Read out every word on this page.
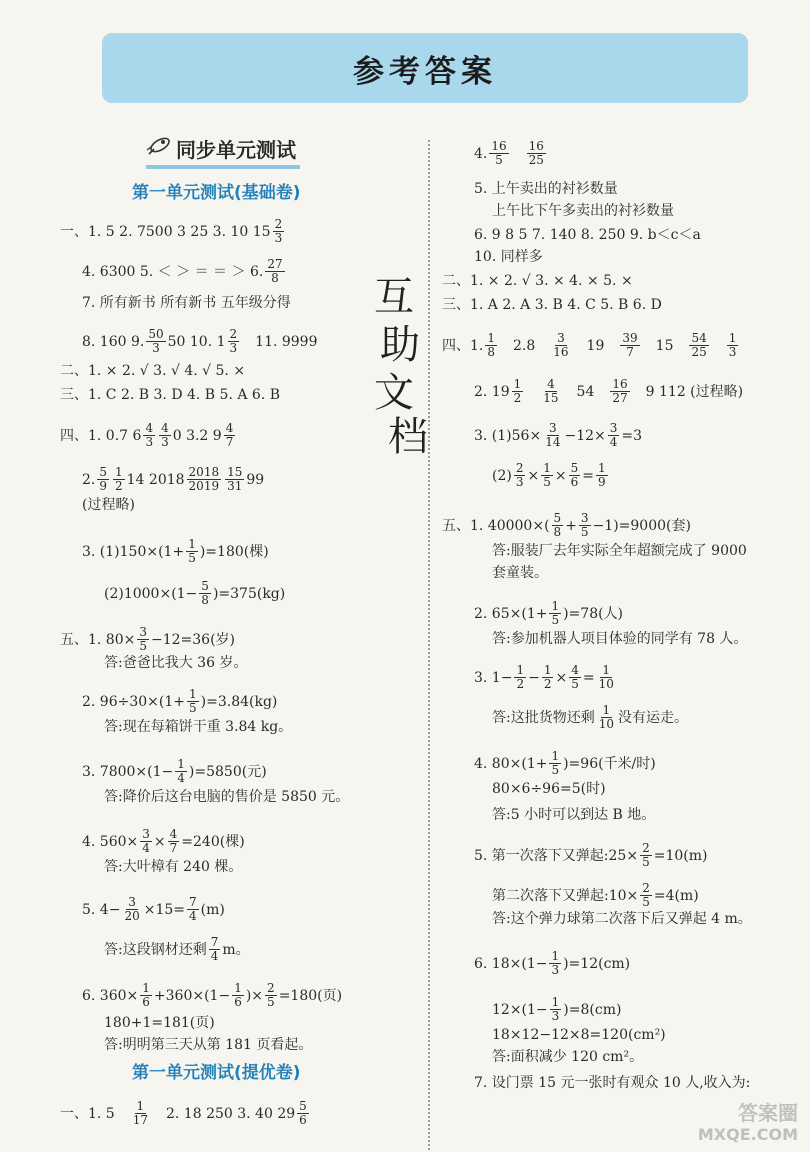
参考答案
同步单元测试
第一单元测试(基础卷)
一、1. 5 2. 7500 3 25 3. 10 $15 \frac{2}{3}$
4. 6300 5. ＜ ＞ ＝ ＝ ＞ 6. $\frac{27}{8}$
7. 所有新书 所有新书 五年级分得
8. 160 9. $\frac{50}{3} 50$ 10. $1 \frac{2}{3} 11$. 9999
二、1. × 2. √ 3. √ 4. √ 5. ×
三、1. C 2. B 3. D 4. B 5. A 6. B
四、1. 0.7 $6 \frac{4}{3} \frac{4}{3} 0$ 3.2 $9 \frac{4}{7}$
2. $\frac{5}{9} \frac{1}{2} 14$ $2018 \frac{2018}{2019} \frac{15}{31} 99$
(过程略)
3. $(1)150\times(1+ \frac{1}{5} )=180$(棵)
$(2)1000\times(1- \frac{5}{8} )=375(kg)$
五、1. $80\times \frac{3}{5} -12=36$(岁)
答:爸爸比我大 36 岁。
2. $96\div 30\times(1+ \frac{1}{5} )=3.84(kg)$
答:现在每箱饼干重 3.84 kg。
3. $7800\times(1- \frac{1}{4} )=5850$(元)
答:降价后这台电脑的售价是 5850 元。
4. $560\times \frac{3}{4} \times \frac{4}{7} =240$(棵)
答:大叶樟有 240 棵。
5. $4- \frac{3}{20} \times 15= \frac{7}{4} (m)$
答:这段钢材还剩 $\frac{7}{4}$ m。
6. $360\times \frac{1}{6} +360\times(1- \frac{1}{6}$ )× $\frac{2}{5} =180$(页)
180+1=181(页)
答:明明第三天从第 181 页看起。
第一单元测试(提优卷)
一、1. $5 \frac{1}{17} 2$. 18 250 3. 40 $29 \frac{5}{6}$
互助文档
4. $\frac{16}{5} \frac{16}{25}$
5. 上午卖出的衬衫数量
上午比下午多卖出的衬衫数量
6. 9 8 5 7. 140 8. 250 9. b＜c＜a
10. 同样多
二、1. × 2. √ 3. × 4. × 5. ×
三、1. A 2. A 3. B 4. C 5. B 6. D
四、1. $\frac{1}{8} 2.8 \frac{3}{16} 19 \frac{39}{7} 15 \frac{54}{25} \frac{1}{3}$
2. $19 \frac{1}{2} \frac{4}{15} 54 \frac{16}{27} 9$ 112 (过程略)
3. $(1)56\times \frac{3}{14} -12\times \frac{3}{4} =3$
$(2) \frac{2}{3} \times \frac{1}{5} \times \frac{5}{6} = \frac{1}{9}$
五、1. $40000\times( \frac{5}{8} + \frac{3}{5} -1)=9000$(套)
答:服装厂去年实际全年超额完成了 9000
套童装。
2. $65\times(1+ \frac{1}{5} )=78$(人)
答:参加机器人项目体验的同学有 78 人。
3. $1- \frac{1}{2} - \frac{1}{2} \times \frac{4}{5} = \frac{1}{10}$
答:这批货物还剩 $\frac{1}{10}$ 没有运走。
4. $80\times(1+ \frac{1}{5} )=96$(千米/时)
80×6÷96=5(时)
答:5 小时可以到达 B 地。
5. 第一次落下又弹起:25× $\frac{2}{5} =10(m)$
第二次落下又弹起:10× $\frac{2}{5} =4(m)$
答:这个弹力球第二次落下后又弹起 4 m。
6. $18\times(1- \frac{1}{3} )=12(cm)$
$12\times(1- \frac{1}{3} )=8(cm)$
18×12−12×8=120(cm²)
答:面积减少 120 cm²。
7. 设门票 15 元一张时有观众 10 人,收入为:
答案圈
MXQE.COM
